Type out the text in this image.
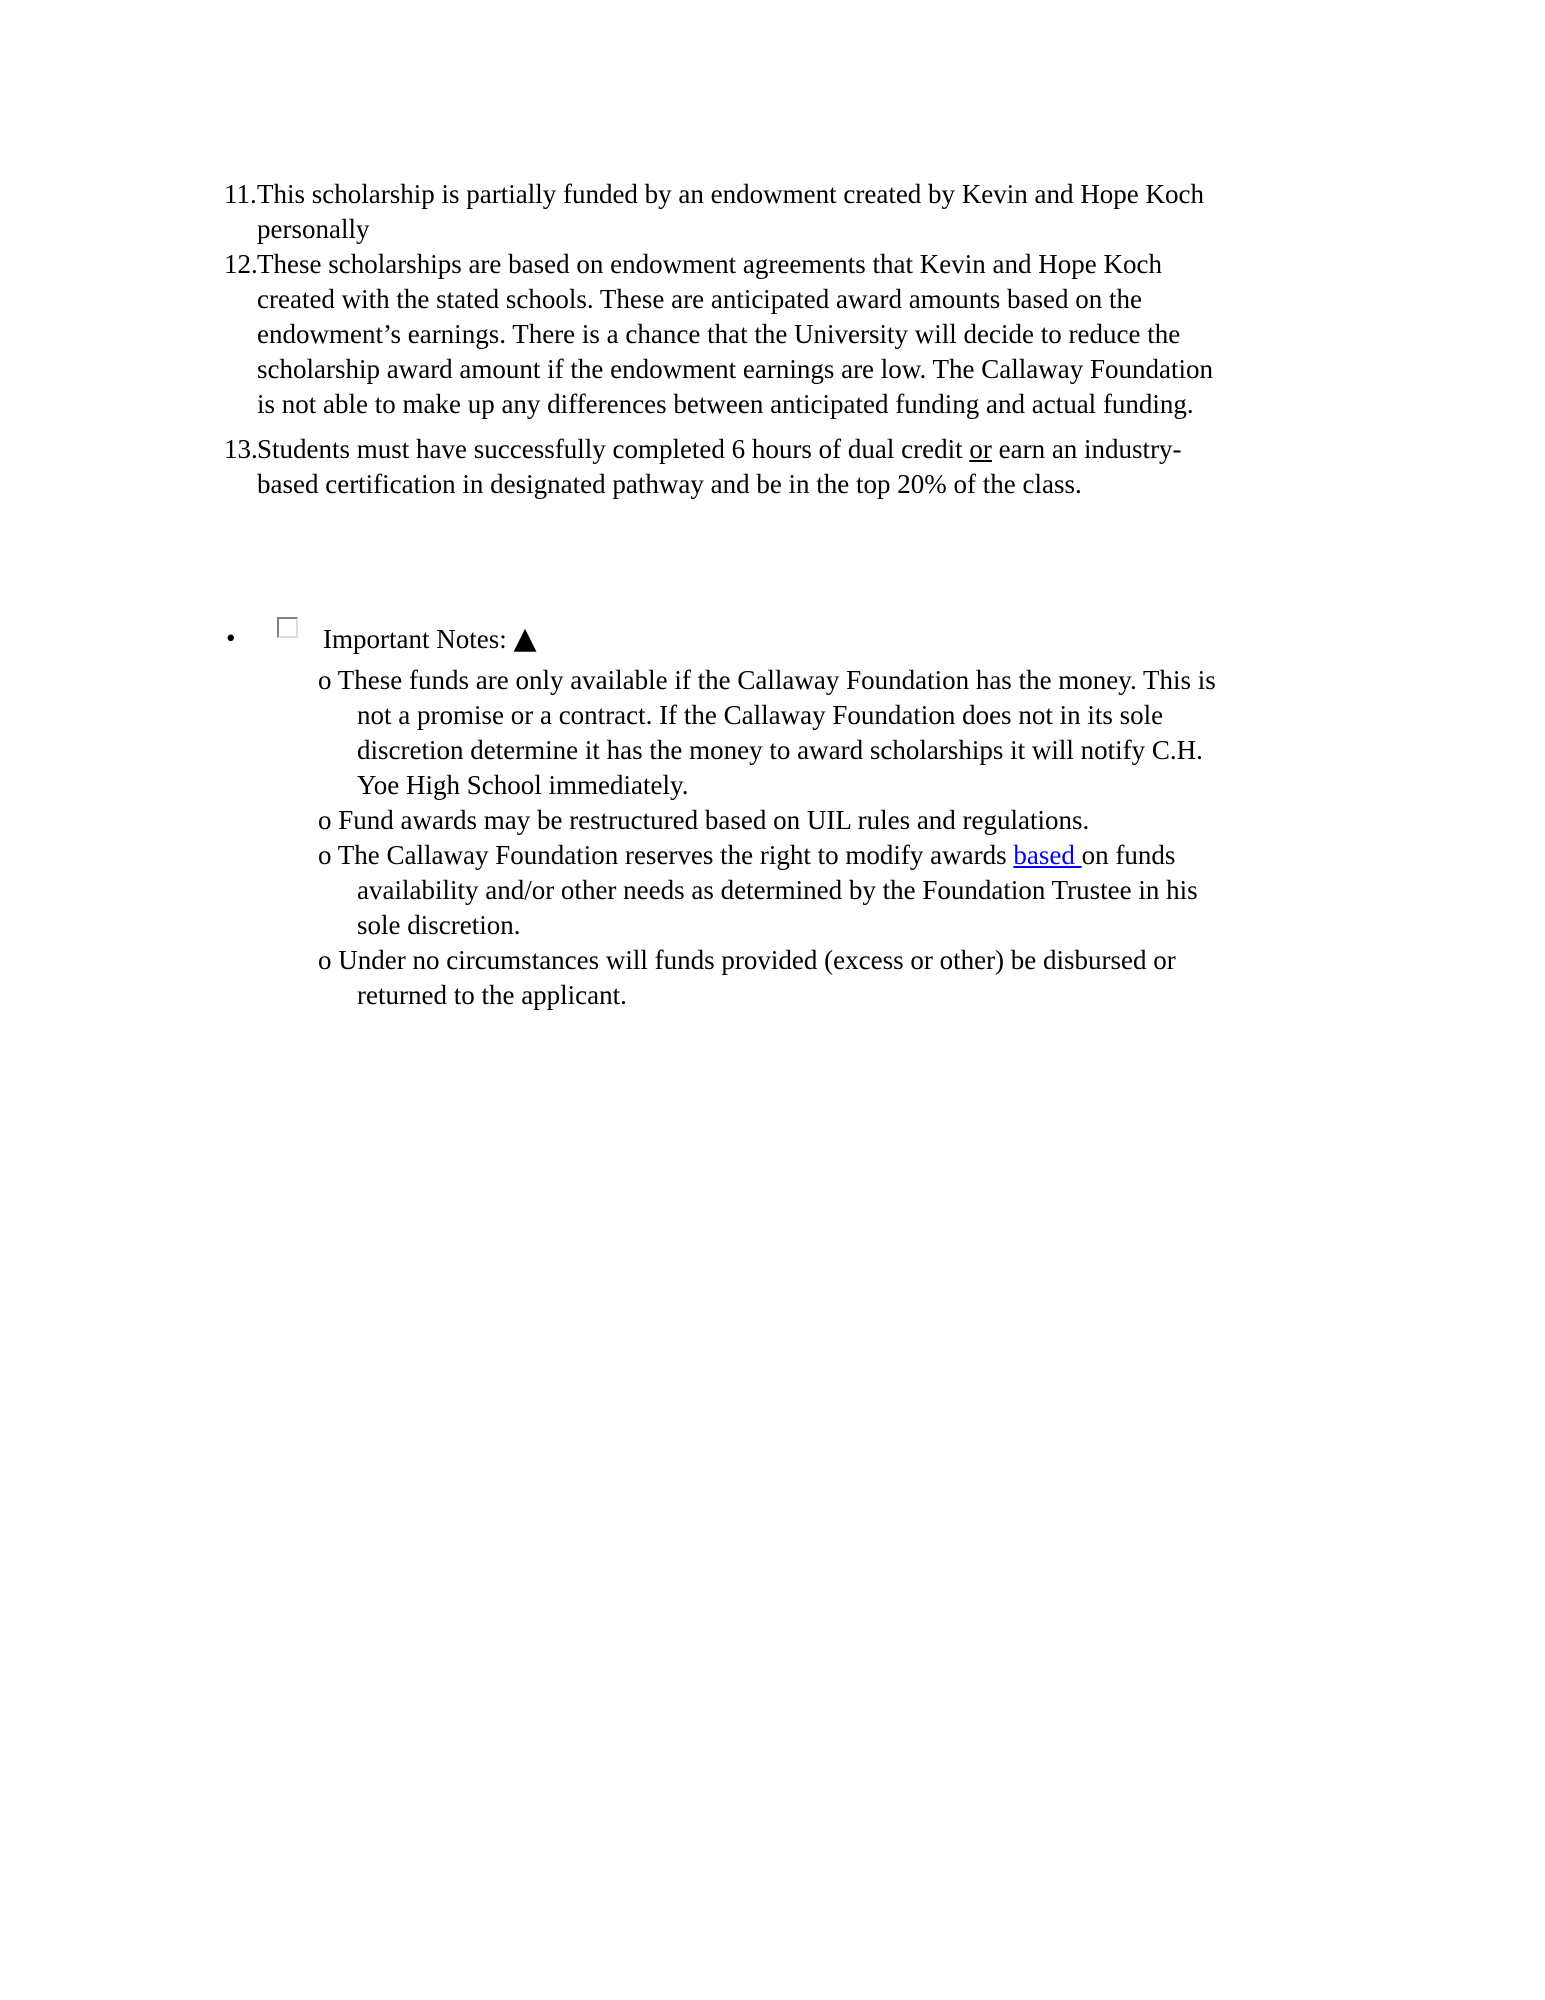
11. This scholarship is partially funded by an endowment created by Kevin and Hope Koch
personally
12. These scholarships are based on endowment agreements that Kevin and Hope Koch
created with the stated schools. These are anticipated award amounts based on the
endowment’s earnings. There is a chance that the University will decide to reduce the
scholarship award amount if the endowment earnings are low. The Callaway Foundation
is not able to make up any differences between anticipated funding and actual funding.
13. Students must have successfully completed 6 hours of dual credit or earn an industry-
based certification in designated pathway and be in the top 20% of the class.
•	Important Notes: ▲
o These funds are only available if the Callaway Foundation has the money. This is
not a promise or a contract. If the Callaway Foundation does not in its sole
discretion determine it has the money to award scholarships it will notify C.H.
Yoe High School immediately.
o Fund awards may be restructured based on UIL rules and regulations.
o The Callaway Foundation reserves the right to modify awards based on funds
availability and/or other needs as determined by the Foundation Trustee in his
sole discretion.
o Under no circumstances will funds provided (excess or other) be disbursed or
returned to the applicant.
